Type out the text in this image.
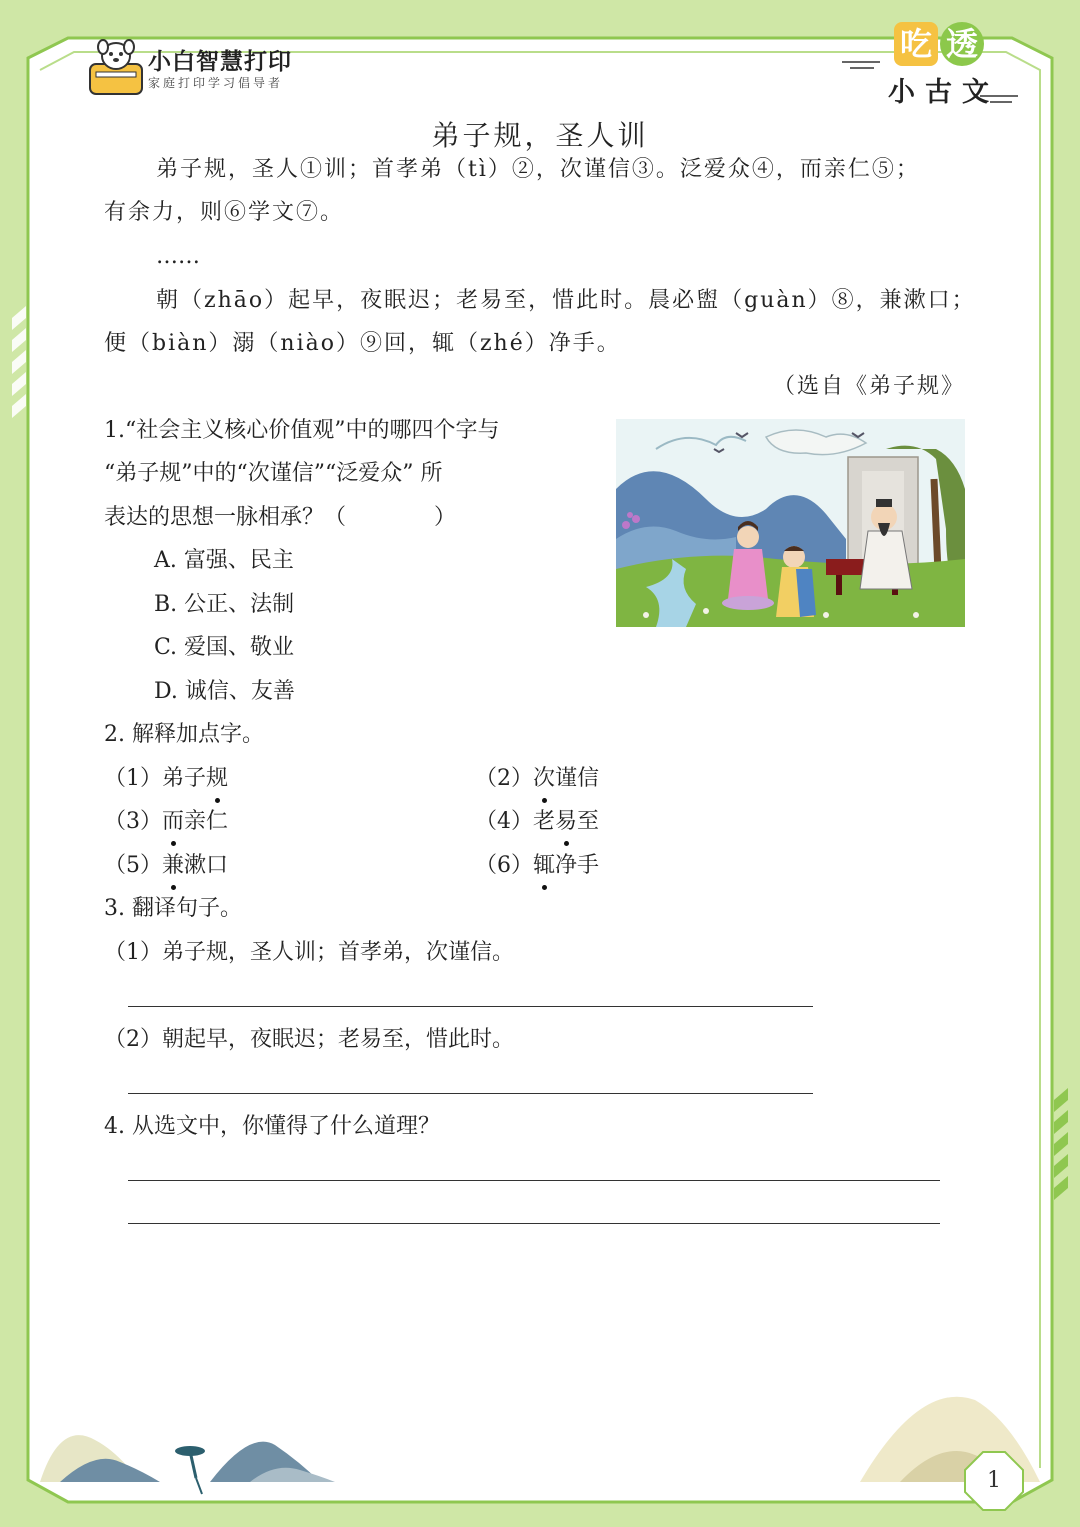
1
小白智慧打印
家庭打印学习倡导者
吃 透
小古文
弟子规，圣人训
弟子规，圣人①训；首孝弟（tì）②，次谨信③。泛爱众④，而亲仁⑤；
有余力，则⑥学文⑦。
……
朝（zhāo）起早，夜眠迟；老易至，惜此时。晨必盥（guàn）⑧，兼漱口；
便（biàn）溺（niào）⑨回，辄（zhé）净手。
（选自《弟子规》
1.“社会主义核心价值观”中的哪四个字与
“弟子规”中的“次谨信”“泛爱众” 所
表达的思想一脉相承？（　　　　）
A. 富强、民主
B. 公正、法制
C. 爱国、敬业
D. 诚信、友善
2. 解释加点字。
（1）弟子规	（2）次谨信
（3）而亲仁	（4）老易至
（5）兼漱口	（6）辄净手
3. 翻译句子。
（1）弟子规，圣人训；首孝弟，次谨信。
（2）朝起早，夜眠迟；老易至，惜此时。
4. 从选文中，你懂得了什么道理？
